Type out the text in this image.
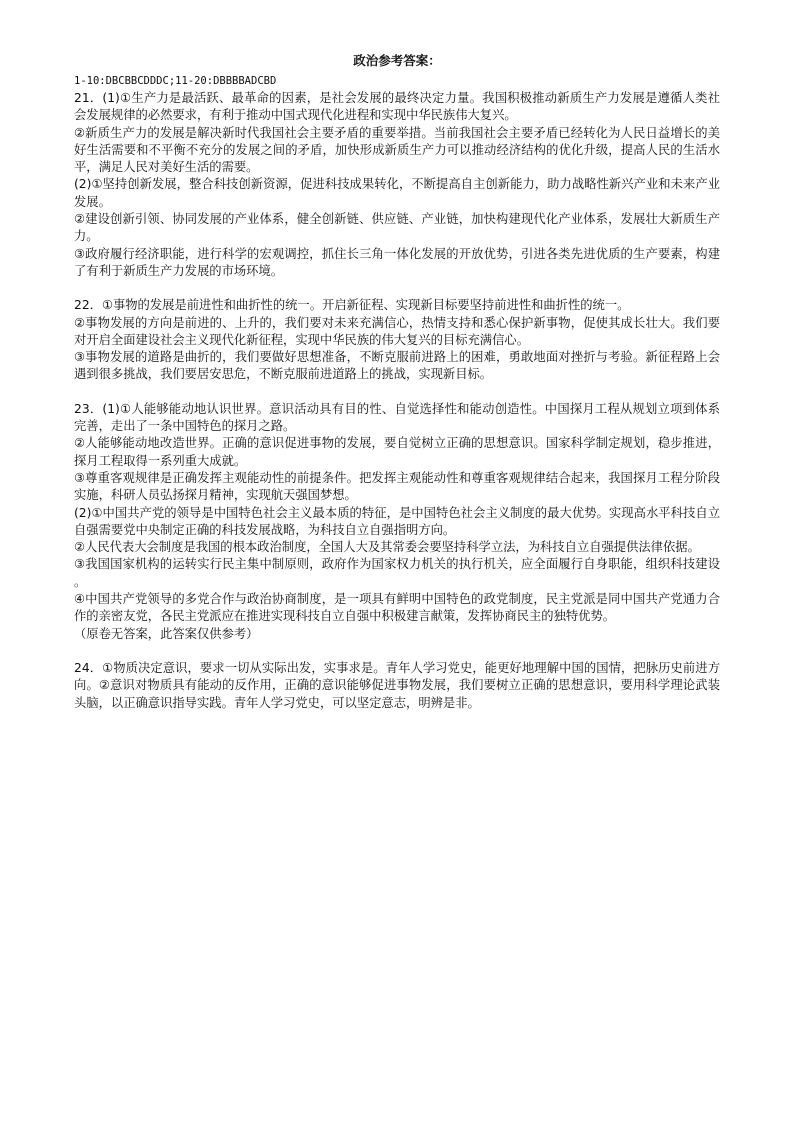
政治参考答案：

1-10:DBCBBCDDDC;11-20:DBBBBADCBD

21．(1)①生产力是最活跃、最革命的因素，是社会发展的最终决定力量。我国积极推动新质生产力发展是遵循人类社会发展规律的必然要求，有利于推动中国式现代化进程和实现中华民族伟大复兴。

②新质生产力的发展是解决新时代我国社会主要矛盾的重要举措。当前我国社会主要矛盾已经转化为人民日益增长的美好生活需要和不平衡不充分的发展之间的矛盾，加快形成新质生产力可以推动经济结构的优化升级，提高人民的生活水平，满足人民对美好生活的需要。

(2)①坚持创新发展，整合科技创新资源，促进科技成果转化，不断提高自主创新能力，助力战略性新兴产业和未来产业发展。

②建设创新引领、协同发展的产业体系，健全创新链、供应链、产业链，加快构建现代化产业体系，发展壮大新质生产力。

③政府履行经济职能，进行科学的宏观调控，抓住长三角一体化发展的开放优势，引进各类先进优质的生产要素，构建了有利于新质生产力发展的市场环境。

22．①事物的发展是前进性和曲折性的统一。开启新征程、实现新目标要坚持前进性和曲折性的统一。

②事物发展的方向是前进的、上升的，我们要对未来充满信心，热情支持和悉心保护新事物，促使其成长壮大。我们要对开启全面建设社会主义现代化新征程，实现中华民族的伟大复兴的目标充满信心。

③事物发展的道路是曲折的，我们要做好思想准备，不断克服前进路上的困难，勇敢地面对挫折与考验。新征程路上会遇到很多挑战，我们要居安思危，不断克服前进道路上的挑战，实现新目标。

23．(1)①人能够能动地认识世界。意识活动具有目的性、自觉选择性和能动创造性。中国探月工程从规划立项到体系完善，走出了一条中国特色的探月之路。

②人能够能动地改造世界。正确的意识促进事物的发展，要自觉树立正确的思想意识。国家科学制定规划，稳步推进，探月工程取得一系列重大成就。

③尊重客观规律是正确发挥主观能动性的前提条件。把发挥主观能动性和尊重客观规律结合起来，我国探月工程分阶段实施，科研人员弘扬探月精神，实现航天强国梦想。

(2)①中国共产党的领导是中国特色社会主义最本质的特征，是中国特色社会主义制度的最大优势。实现高水平科技自立自强需要党中央制定正确的科技发展战略，为科技自立自强指明方向。

②人民代表大会制度是我国的根本政治制度，全国人大及其常委会要坚持科学立法，为科技自立自强提供法律依据。

③我国国家机构的运转实行民主集中制原则，政府作为国家权力机关的执行机关，应全面履行自身职能，组织科技建设。

④中国共产党领导的多党合作与政治协商制度，是一项具有鲜明中国特色的政党制度，民主党派是同中国共产党通力合作的亲密友党，各民主党派应在推进实现科技自立自强中积极建言献策，发挥协商民主的独特优势。

（原卷无答案，此答案仅供参考）

24．①物质决定意识，要求一切从实际出发，实事求是。青年人学习党史，能更好地理解中国的国情，把脉历史前进方向。②意识对物质具有能动的反作用，正确的意识能够促进事物发展，我们要树立正确的思想意识，要用科学理论武装头脑，以正确意识指导实践。青年人学习党史，可以坚定意志，明辨是非。
